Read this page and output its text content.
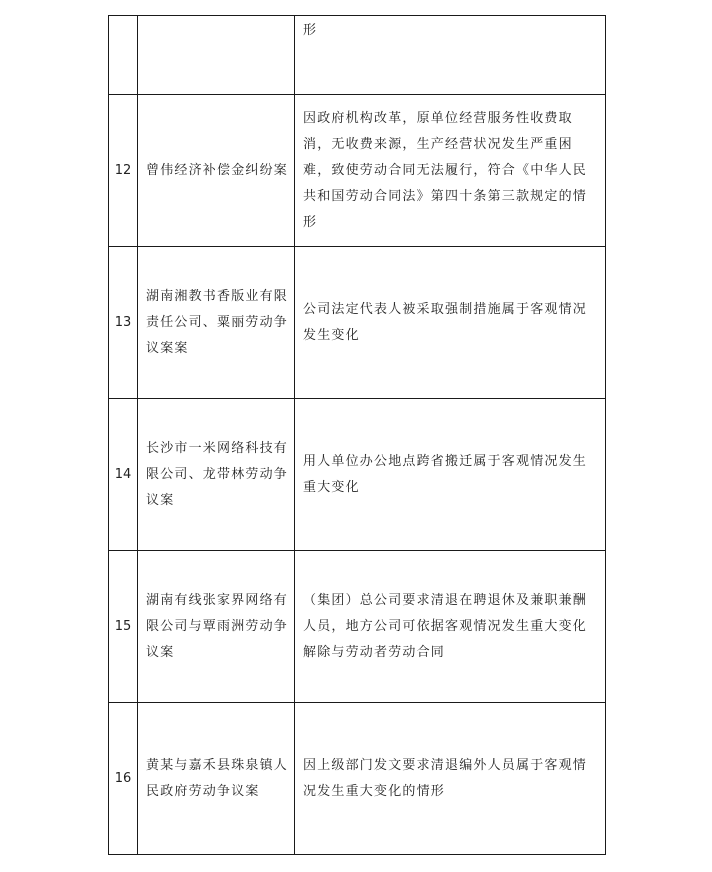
		形
12	曾伟经济补偿金纠纷案	因政府机构改革，原单位经营服务性收费取消，无收费来源，生产经营状况发生严重困难，致使劳动合同无法履行，符合《中华人民共和国劳动合同法》第四十条第三款规定的情形
13	湖南湘教书香版业有限责任公司、粟丽劳动争议案案	公司法定代表人被采取强制措施属于客观情况发生变化
14	长沙市一米网络科技有限公司、龙带林劳动争议案	用人单位办公地点跨省搬迁属于客观情况发生重大变化
15	湖南有线张家界网络有限公司与覃雨洲劳动争议案	（集团）总公司要求清退在聘退休及兼职兼酬人员，地方公司可依据客观情况发生重大变化解除与劳动者劳动合同
16	黄某与嘉禾县珠泉镇人民政府劳动争议案	因上级部门发文要求清退编外人员属于客观情况发生重大变化的情形
